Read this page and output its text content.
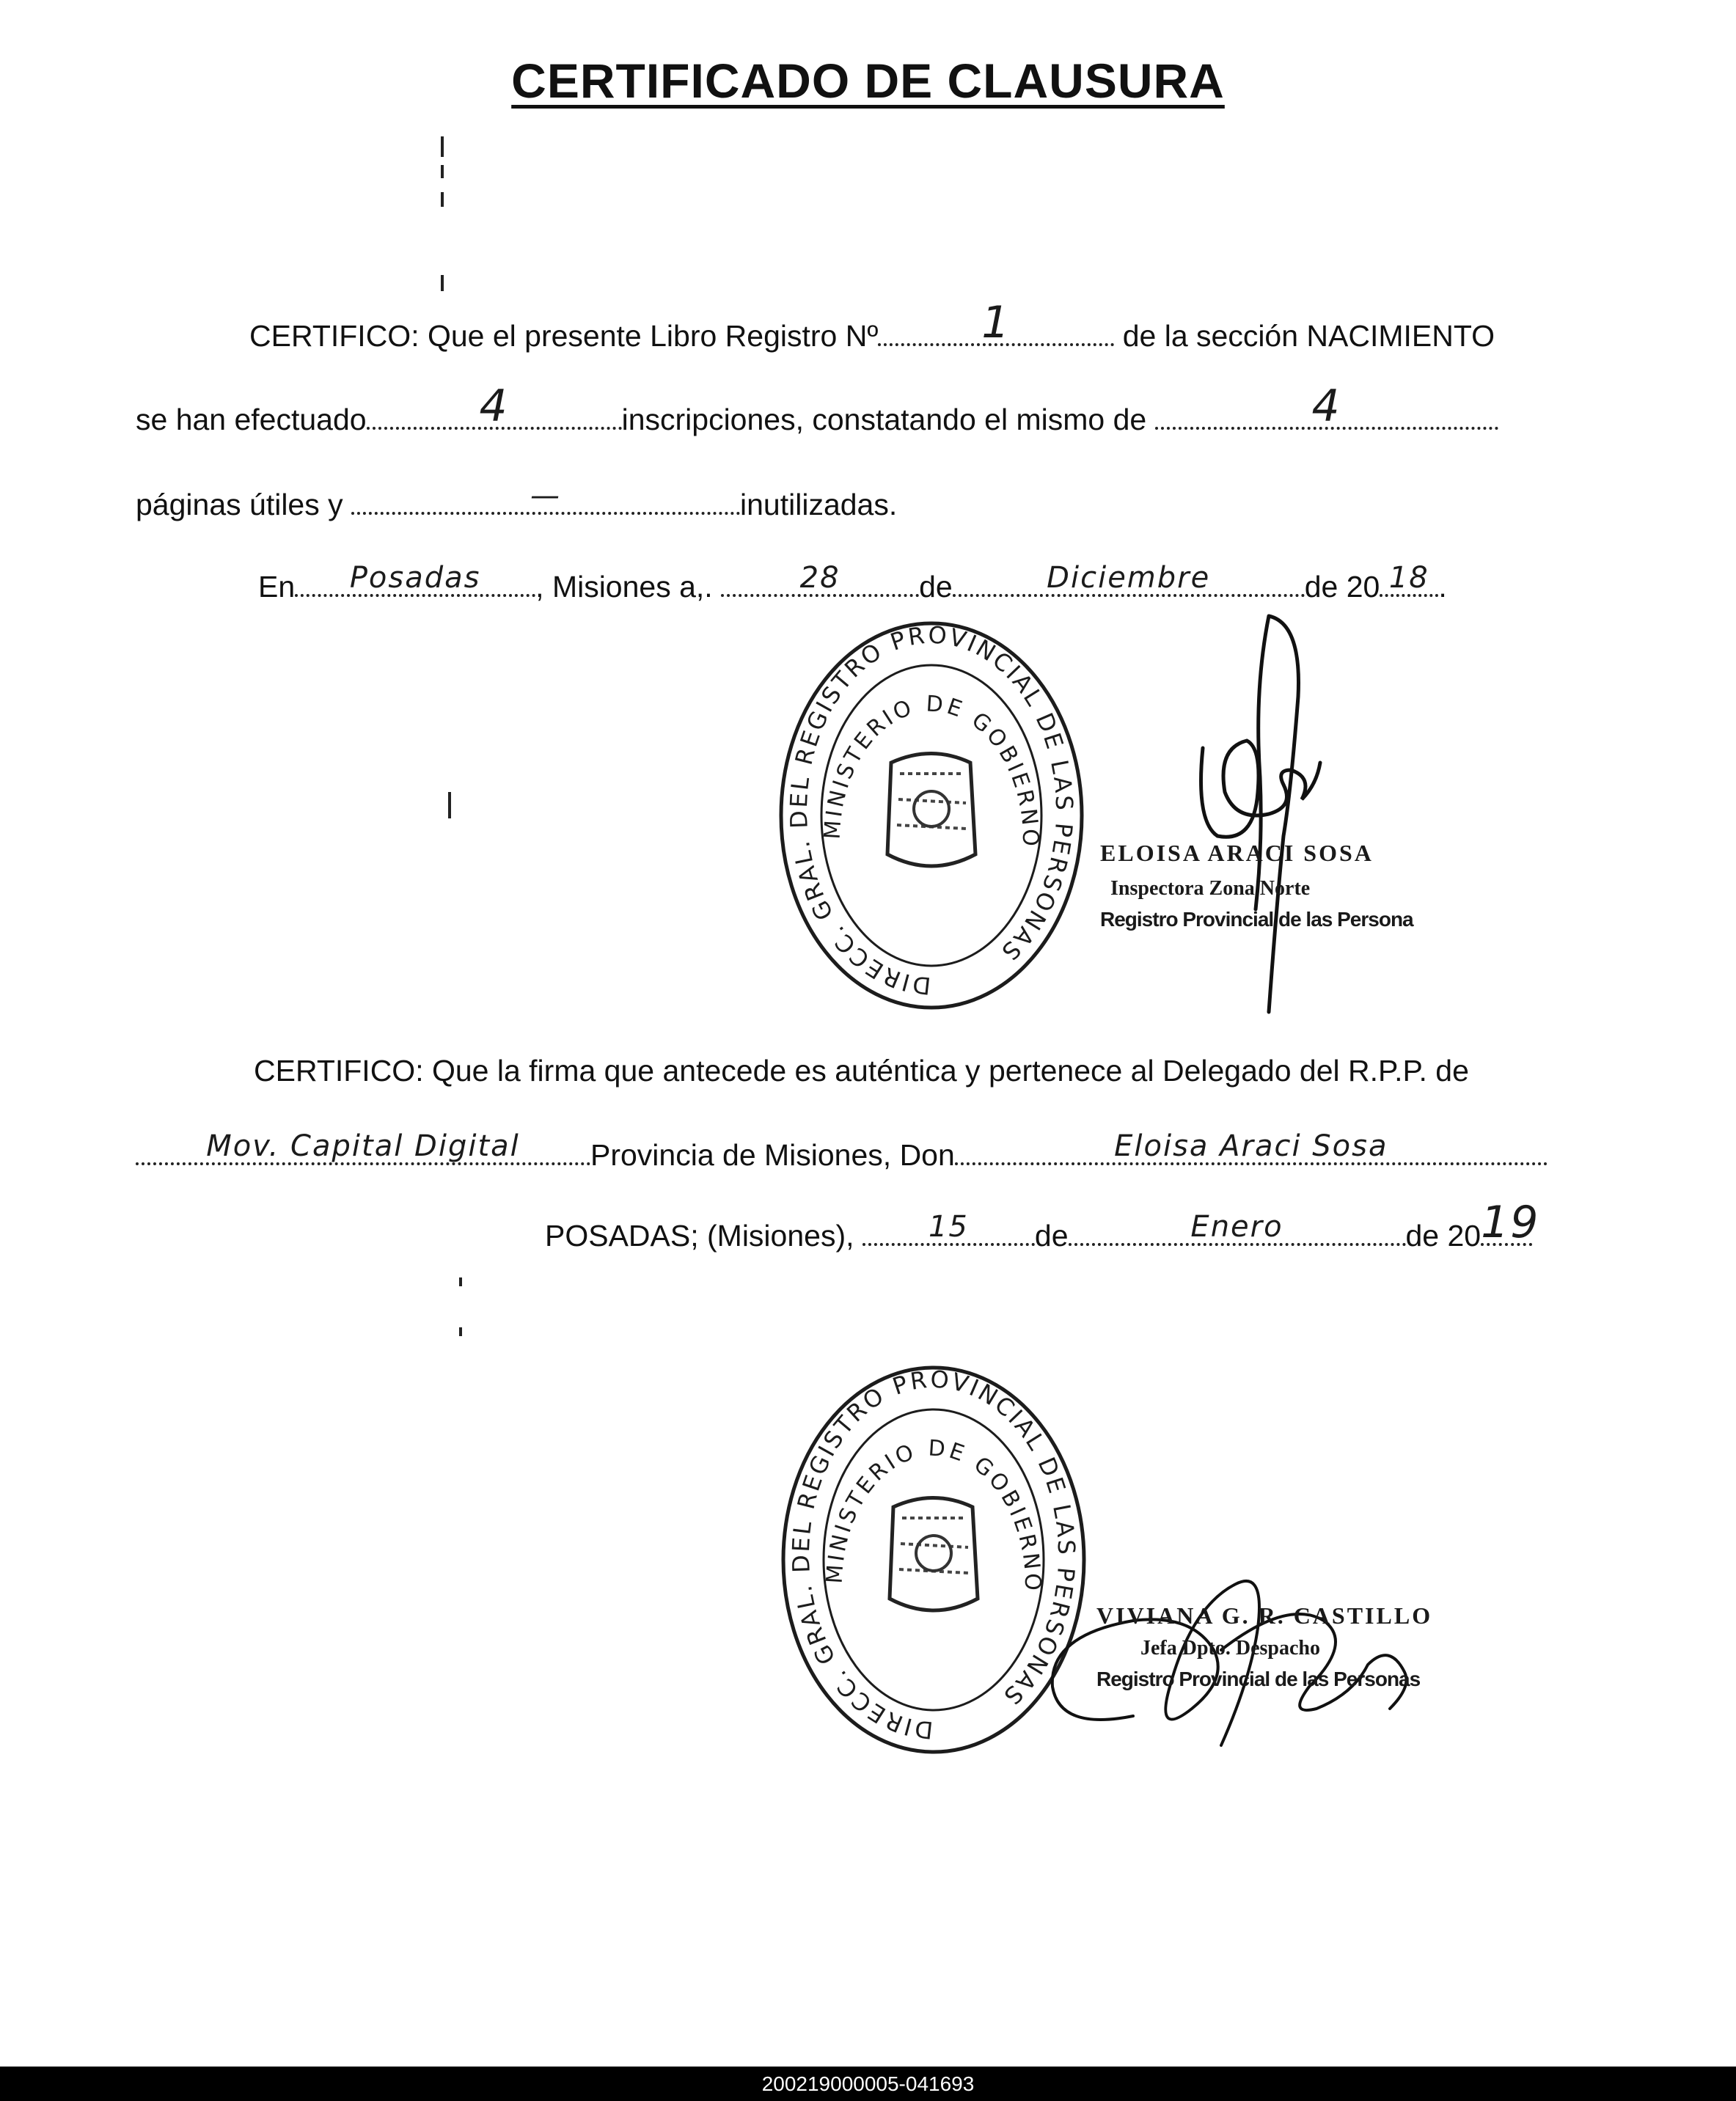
CERTIFICADO DE CLAUSURA
CERTIFICO: Que el presente Libro Registro Nº	1	de la sección NACIMIENTO
se han efectuado	4	inscripciones, constatando el mismo de	4
páginas útiles y	—	inutilizadas.
En	Posadas	, Misiones a,.	28	de	Diciembre	de 20 18 .
DIRECC. GRAL. DEL REGISTRO PROVINCIAL DE LAS PERSONAS
MINISTERIO DE GOBIERNO
ELOISA ARACI SOSA
Inspectora Zona Norte
Registro Provincial de las Persona
CERTIFICO: Que la firma que antecede es auténtica y pertenece al Delegado del R.P.P. de
Mov. Capital Digital	Provincia de Misiones, Don	Eloisa Araci Sosa
POSADAS; (Misiones),	15	de	Enero	de 20 19
DIRECC. GRAL. DEL REGISTRO PROVINCIAL DE LAS PERSONAS
MINISTERIO DE GOBIERNO
VIVIANA G. R. CASTILLO
Jefa Dpto. Despacho
Registro Provincial de las Personas
200219000005-041693
